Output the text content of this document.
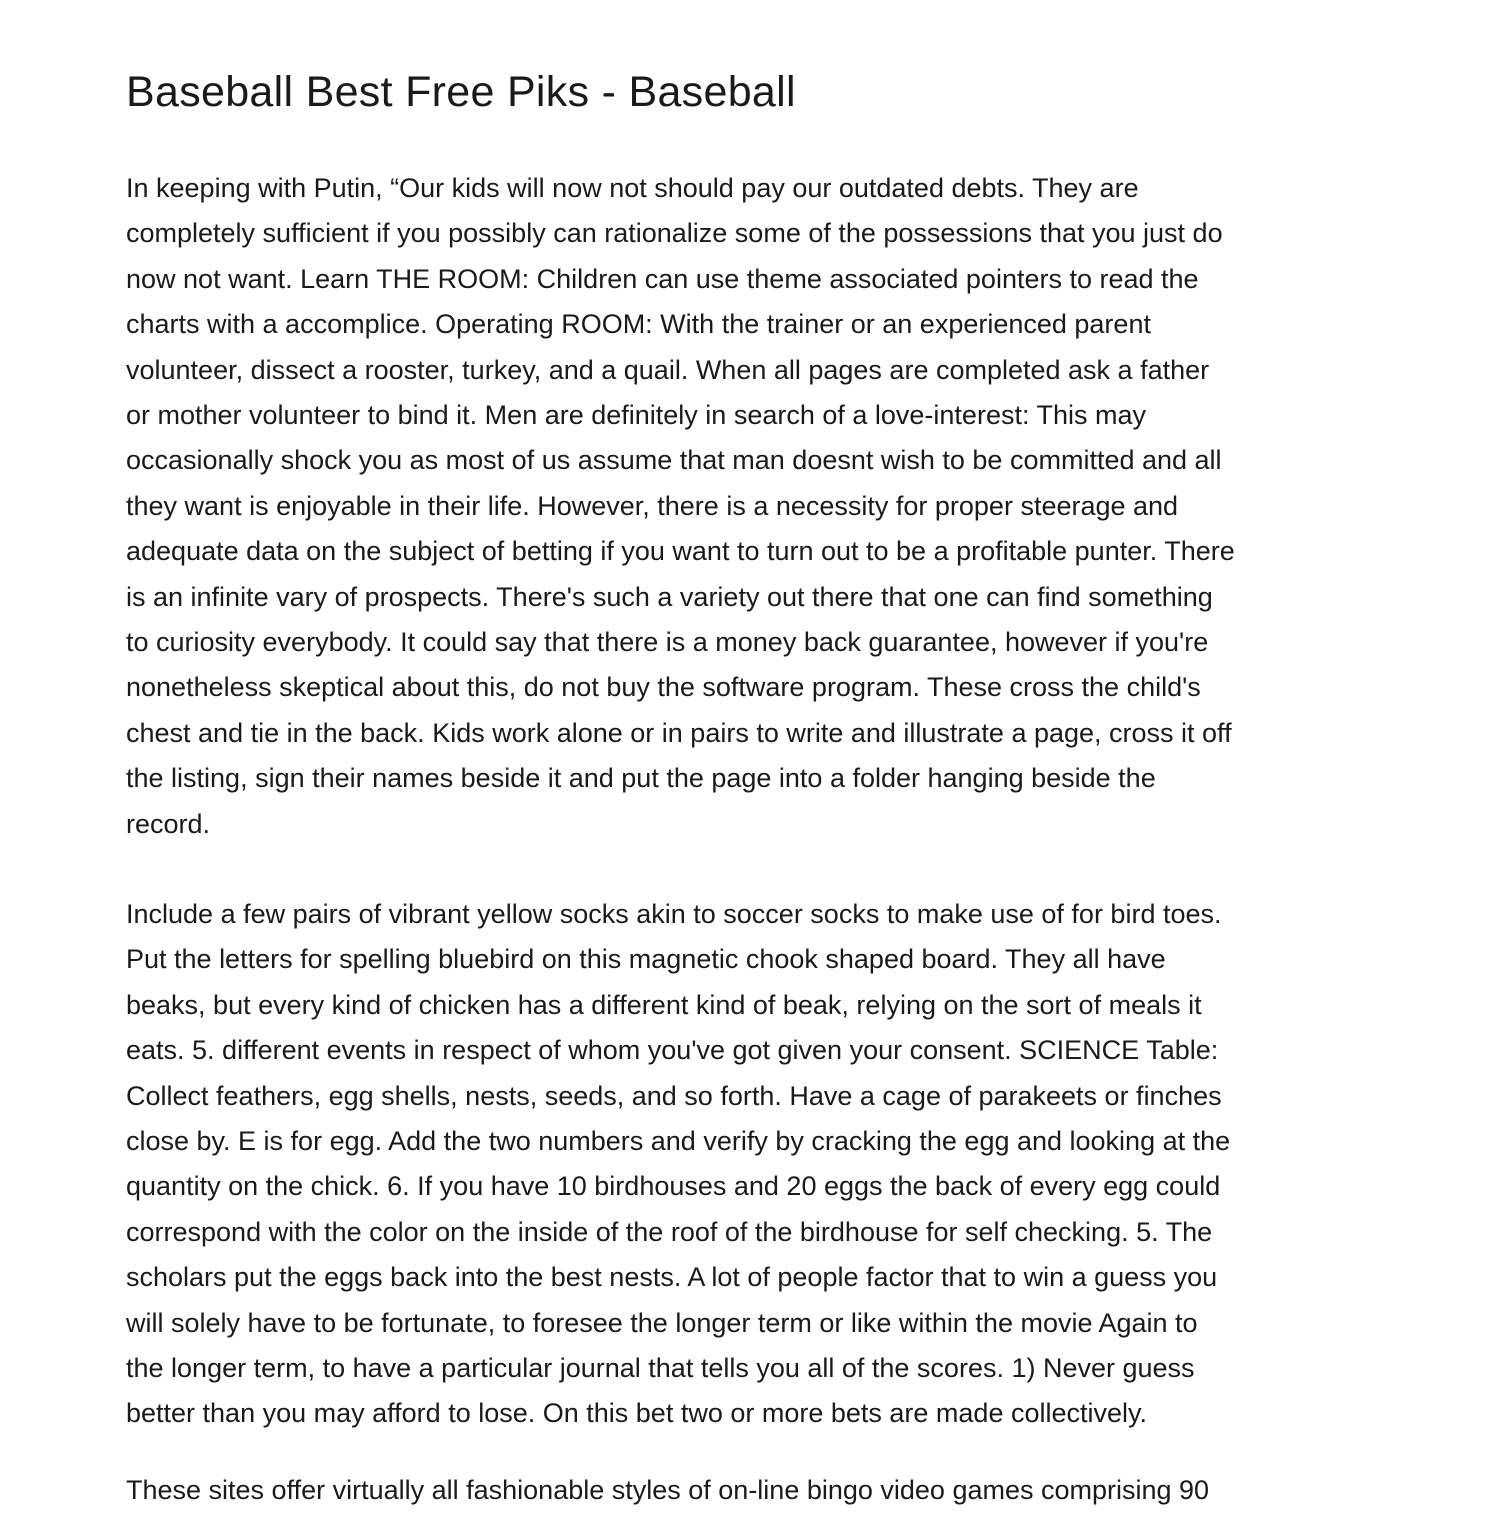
Baseball Best Free Piks - Baseball

In keeping with Putin, “Our kids will now not should pay our outdated debts. They are
completely sufficient if you possibly can rationalize some of the possessions that you just do
now not want. Learn THE ROOM: Children can use theme associated pointers to read the
charts with a accomplice. Operating ROOM: With the trainer or an experienced parent
volunteer, dissect a rooster, turkey, and a quail. When all pages are completed ask a father
or mother volunteer to bind it. Men are definitely in search of a love-interest: This may
occasionally shock you as most of us assume that man doesnt wish to be committed and all
they want is enjoyable in their life. However, there is a necessity for proper steerage and
adequate data on the subject of betting if you want to turn out to be a profitable punter. There
is an infinite vary of prospects. There's such a variety out there that one can find something
to curiosity everybody. It could say that there is a money back guarantee, however if you're
nonetheless skeptical about this, do not buy the software program. These cross the child's
chest and tie in the back. Kids work alone or in pairs to write and illustrate a page, cross it off
the listing, sign their names beside it and put the page into a folder hanging beside the
record.

Include a few pairs of vibrant yellow socks akin to soccer socks to make use of for bird toes.
Put the letters for spelling bluebird on this magnetic chook shaped board. They all have
beaks, but every kind of chicken has a different kind of beak, relying on the sort of meals it
eats. 5. different events in respect of whom you've got given your consent. SCIENCE Table:
Collect feathers, egg shells, nests, seeds, and so forth. Have a cage of parakeets or finches
close by. E is for egg. Add the two numbers and verify by cracking the egg and looking at the
quantity on the chick. 6. If you have 10 birdhouses and 20 eggs the back of every egg could
correspond with the color on the inside of the roof of the birdhouse for self checking. 5. The
scholars put the eggs back into the best nests. A lot of people factor that to win a guess you
will solely have to be fortunate, to foresee the longer term or like within the movie Again to
the longer term, to have a particular journal that tells you all of the scores. 1) Never guess
better than you may afford to lose. On this bet two or more bets are made collectively.

These sites offer virtually all fashionable styles of on-line bingo video games comprising 90
